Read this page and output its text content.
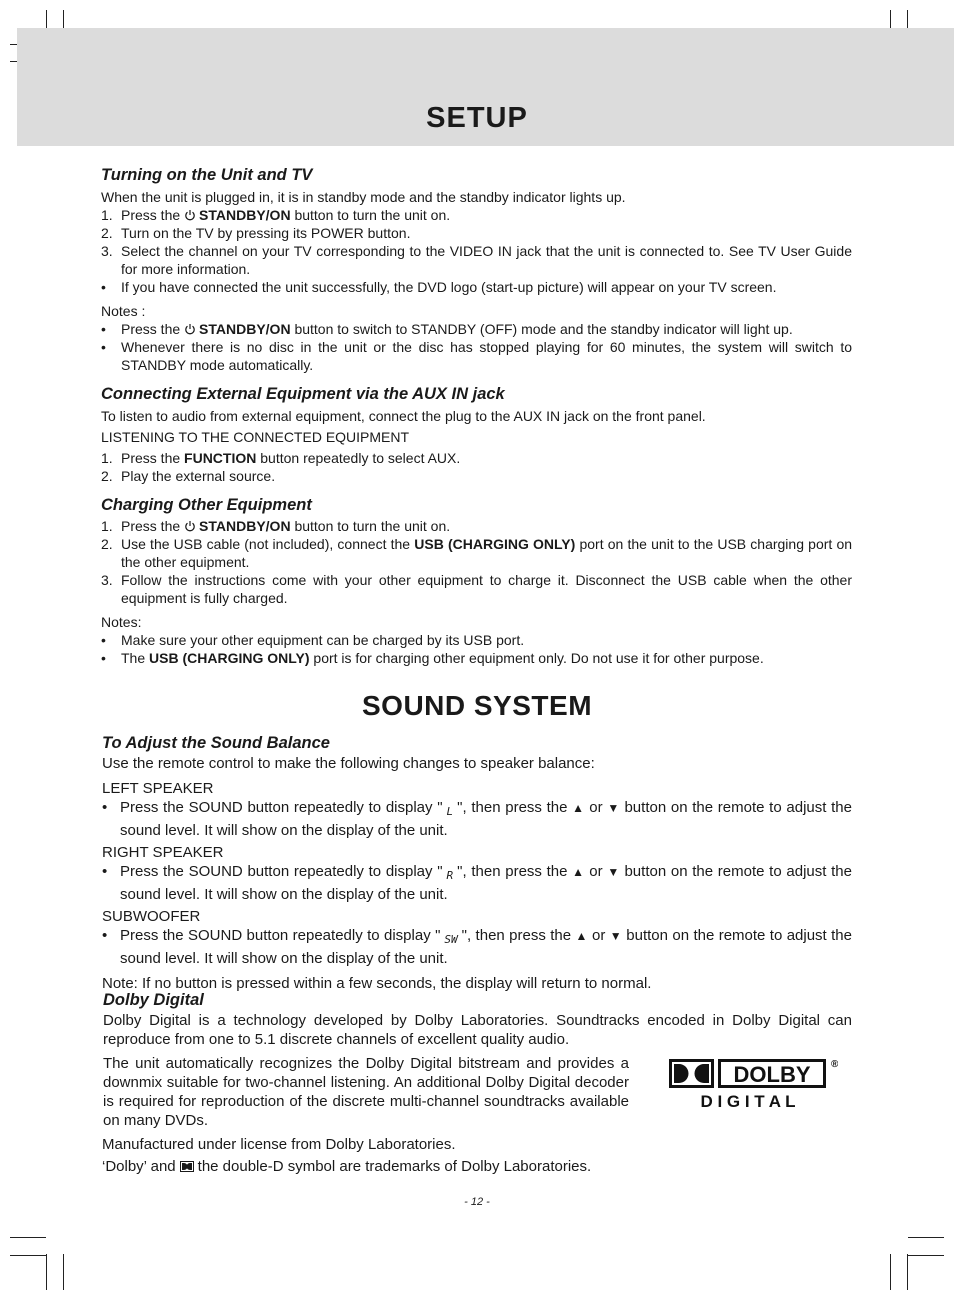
SETUP
Turning on the Unit and TV
When the unit is plugged in, it is in standby mode and the standby indicator lights up.
1. Press the STANDBY/ON button to turn the unit on.
2. Turn on the TV by pressing its POWER button.
3. Select the channel on your TV corresponding to the VIDEO IN jack that the unit is connected to. See TV User Guide for more information.
• If you have connected the unit successfully, the DVD logo (start-up picture) will appear on your TV screen.
Notes :
• Press the STANDBY/ON button to switch to STANDBY (OFF) mode and the standby indicator will light up.
• Whenever there is no disc in the unit or the disc has stopped playing for 60 minutes, the system will switch to STANDBY mode automatically.
Connecting External Equipment via the AUX IN jack
To listen to audio from external equipment, connect the plug to the AUX IN jack on the front panel.
LISTENING TO THE CONNECTED EQUIPMENT
1. Press the FUNCTION button repeatedly to select AUX.
2. Play the external source.
Charging Other Equipment
1. Press the STANDBY/ON button to turn the unit on.
2. Use the USB cable (not included), connect the USB (CHARGING ONLY) port on the unit to the USB charging port on the other equipment.
3. Follow the instructions come with your other equipment to charge it. Disconnect the USB cable when the other equipment is fully charged.
Notes:
• Make sure your other equipment can be charged by its USB port.
• The USB (CHARGING ONLY) port is for charging other equipment only. Do not use it for other purpose.
SOUND SYSTEM
To Adjust the Sound Balance
Use the remote control to make the following changes to speaker balance:
LEFT SPEAKER
• Press the SOUND button repeatedly to display " L ", then press the ▲ or ▼ button on the remote to adjust the sound level. It will show on the display of the unit.
RIGHT SPEAKER
• Press the SOUND button repeatedly to display " R ", then press the ▲ or ▼ button on the remote to adjust the sound level. It will show on the display of the unit.
SUBWOOFER
• Press the SOUND button repeatedly to display " SW ", then press the ▲ or ▼ button on the remote to adjust the sound level. It will show on the display of the unit.
Note: If no button is pressed within a few seconds, the display will return to normal.
Dolby Digital
Dolby Digital is a technology developed by Dolby Laboratories. Soundtracks encoded in Dolby Digital can reproduce from one to 5.1 discrete channels of excellent quality audio.
The unit automatically recognizes the Dolby Digital bitstream and provides a downmix suitable for two-channel listening. An additional Dolby Digital decoder is required for reproduction of the discrete multi-channel soundtracks available on many DVDs.
Manufactured under license from Dolby Laboratories.
‘Dolby’ and the double-D symbol are trademarks of Dolby Laboratories.
DOLBY ®
D I G I T A L
- 12 -
